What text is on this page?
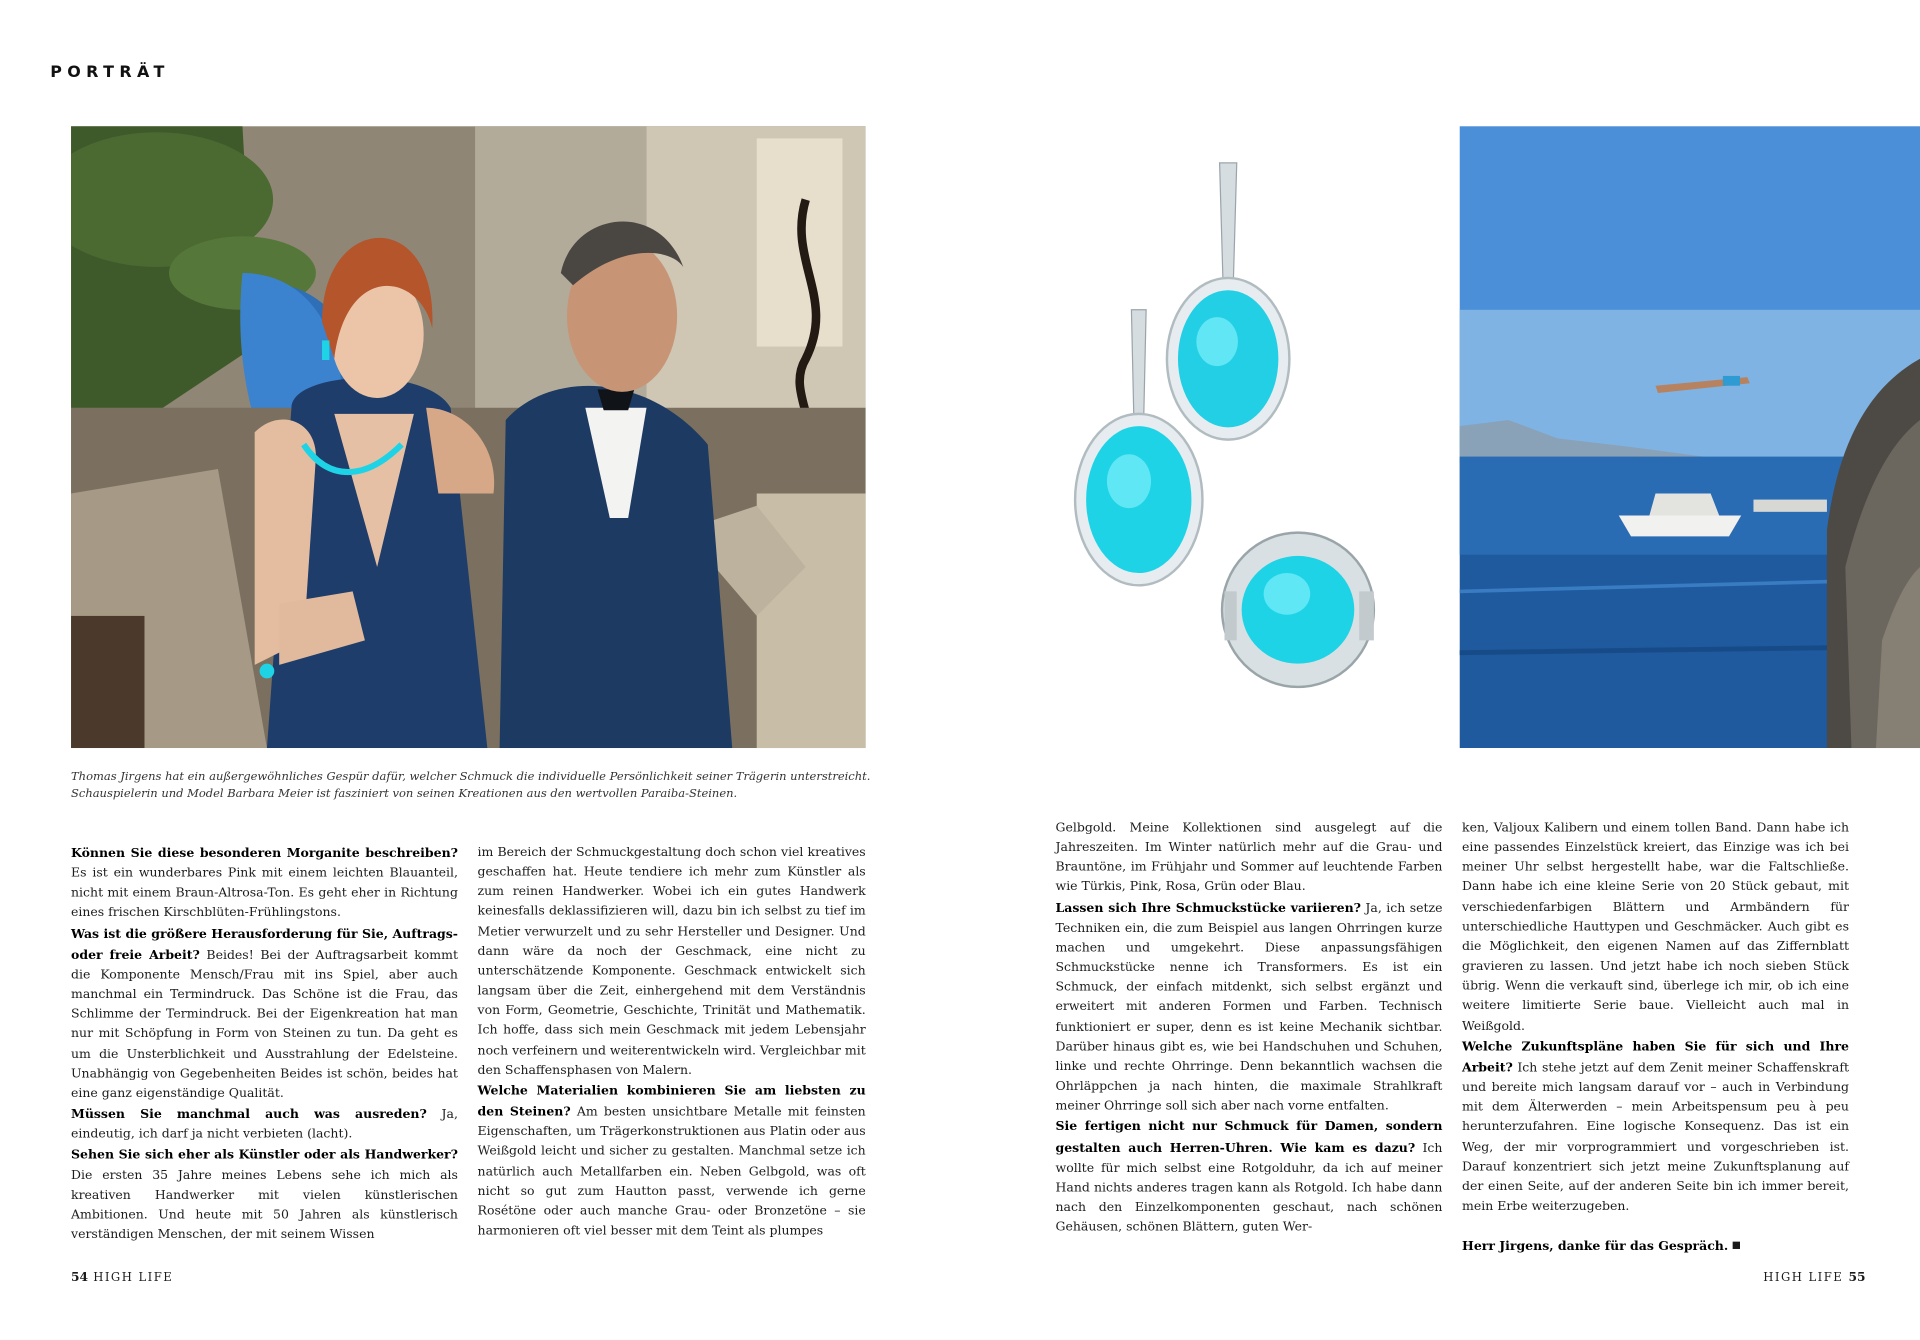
PORTRÄT
Thomas Jirgens hat ein außergewöhnliches Gespür dafür, welcher Schmuck die individuelle Persönlichkeit seiner Trägerin unterstreicht.
Schauspielerin und Model Barbara Meier ist fasziniert von seinen Kreationen aus den wertvollen Paraiba-Steinen.

Können Sie diese besonderen Morganite beschreiben? Es ist ein wunderbares Pink mit einem leichten Blauanteil, nicht mit einem Braun-Altrosa-Ton. Es geht eher in Richtung eines frischen Kirschblüten-Frühlingstons.

Was ist die größere Herausforderung für Sie, Auftrags- oder freie Arbeit? Beides! Bei der Auftragsarbeit kommt die Komponente Mensch/Frau mit ins Spiel, aber auch manchmal ein Termindruck. Das Schöne ist die Frau, das Schlimme der Termindruck. Bei der Eigenkreation hat man nur mit Schöpfung in Form von Steinen zu tun. Da geht es um die Unsterblichkeit und Ausstrahlung der Edelsteine. Unabhängig von Gegebenheiten Beides ist schön, beides hat eine ganz eigenständige Qualität.

Müssen Sie manchmal auch was ausreden? Ja, eindeutig, ich darf ja nicht verbieten (lacht).

Sehen Sie sich eher als Künstler oder als Handwerker? Die ersten 35 Jahre meines Lebens sehe ich mich als kreativen Handwerker mit vielen künstlerischen Ambitionen. Und heute mit 50 Jahren als künstlerisch verständigen Menschen, der mit seinem Wissen

im Bereich der Schmuckgestaltung doch schon viel kreatives geschaffen hat. Heute tendiere ich mehr zum Künstler als zum reinen Handwerker. Wobei ich ein gutes Handwerk keinesfalls deklassifizieren will, dazu bin ich selbst zu tief im Metier verwurzelt und zu sehr Hersteller und Designer. Und dann wäre da noch der Geschmack, eine nicht zu unterschätzende Komponente. Geschmack entwickelt sich langsam über die Zeit, einhergehend mit dem Verständnis von Form, Geometrie, Geschichte, Trinität und Mathematik. Ich hoffe, dass sich mein Geschmack mit jedem Lebensjahr noch verfeinern und weiterentwickeln wird. Vergleichbar mit den Schaffensphasen von Malern.

Welche Materialien kombinieren Sie am liebsten zu den Steinen? Am besten unsichtbare Metalle mit feinsten Eigenschaften, um Trägerkonstruktionen aus Platin oder aus Weißgold leicht und sicher zu gestalten. Manchmal setze ich natürlich auch Metallfarben ein. Neben Gelbgold, was oft nicht so gut zum Hautton passt, verwende ich gerne Rosétöne oder auch manche Grau- oder Bronzetöne – sie harmonieren oft viel besser mit dem Teint als plumpes

Gelbgold. Meine Kollektionen sind ausgelegt auf die Jahreszeiten. Im Winter natürlich mehr auf die Grau- und Brauntöne, im Frühjahr und Sommer auf leuchtende Farben wie Türkis, Pink, Rosa, Grün oder Blau.

Lassen sich Ihre Schmuckstücke variieren? Ja, ich setze Techniken ein, die zum Beispiel aus langen Ohrringen kurze machen und umgekehrt. Diese anpassungsfähigen Schmuckstücke nenne ich Transformers. Es ist ein Schmuck, der einfach mitdenkt, sich selbst ergänzt und erweitert mit anderen Formen und Farben. Technisch funktioniert er super, denn es ist keine Mechanik sichtbar. Darüber hinaus gibt es, wie bei Handschuhen und Schuhen, linke und rechte Ohrringe. Denn bekanntlich wachsen die Ohrläppchen ja nach hinten, die maximale Strahlkraft meiner Ohrringe soll sich aber nach vorne entfalten.

Sie fertigen nicht nur Schmuck für Damen, sondern gestalten auch Herren-Uhren. Wie kam es dazu? Ich wollte für mich selbst eine Rotgolduhr, da ich auf meiner Hand nichts anderes tragen kann als Rotgold. Ich habe dann nach den Einzelkomponenten geschaut, nach schönen Gehäusen, schönen Blättern, guten Wer-

ken, Valjoux Kalibern und einem tollen Band. Dann habe ich eine passendes Einzelstück kreiert, das Einzige was ich bei meiner Uhr selbst hergestellt habe, war die Faltschließe. Dann habe ich eine kleine Serie von 20 Stück gebaut, mit verschiedenfarbigen Blättern und Armbändern für unterschiedliche Hauttypen und Geschmäcker. Auch gibt es die Möglichkeit, den eigenen Namen auf das Ziffernblatt gravieren zu lassen. Und jetzt habe ich noch sieben Stück übrig. Wenn die verkauft sind, überlege ich mir, ob ich eine weitere limitierte Serie baue. Vielleicht auch mal in Weißgold.

Welche Zukunftspläne haben Sie für sich und Ihre Arbeit? Ich stehe jetzt auf dem Zenit meiner Schaffenskraft und bereite mich langsam darauf vor – auch in Verbindung mit dem Älterwerden – mein Arbeitspensum peu à peu herunterzufahren. Eine logische Konsequenz. Das ist ein Weg, der mir vorprogrammiert und vorgeschrieben ist. Darauf konzentriert sich jetzt meine Zukunftsplanung auf der einen Seite, auf der anderen Seite bin ich immer bereit, mein Erbe weiterzugeben.

Herr Jirgens, danke für das Gespräch.

54 HIGH LIFE	HIGH LIFE 55
